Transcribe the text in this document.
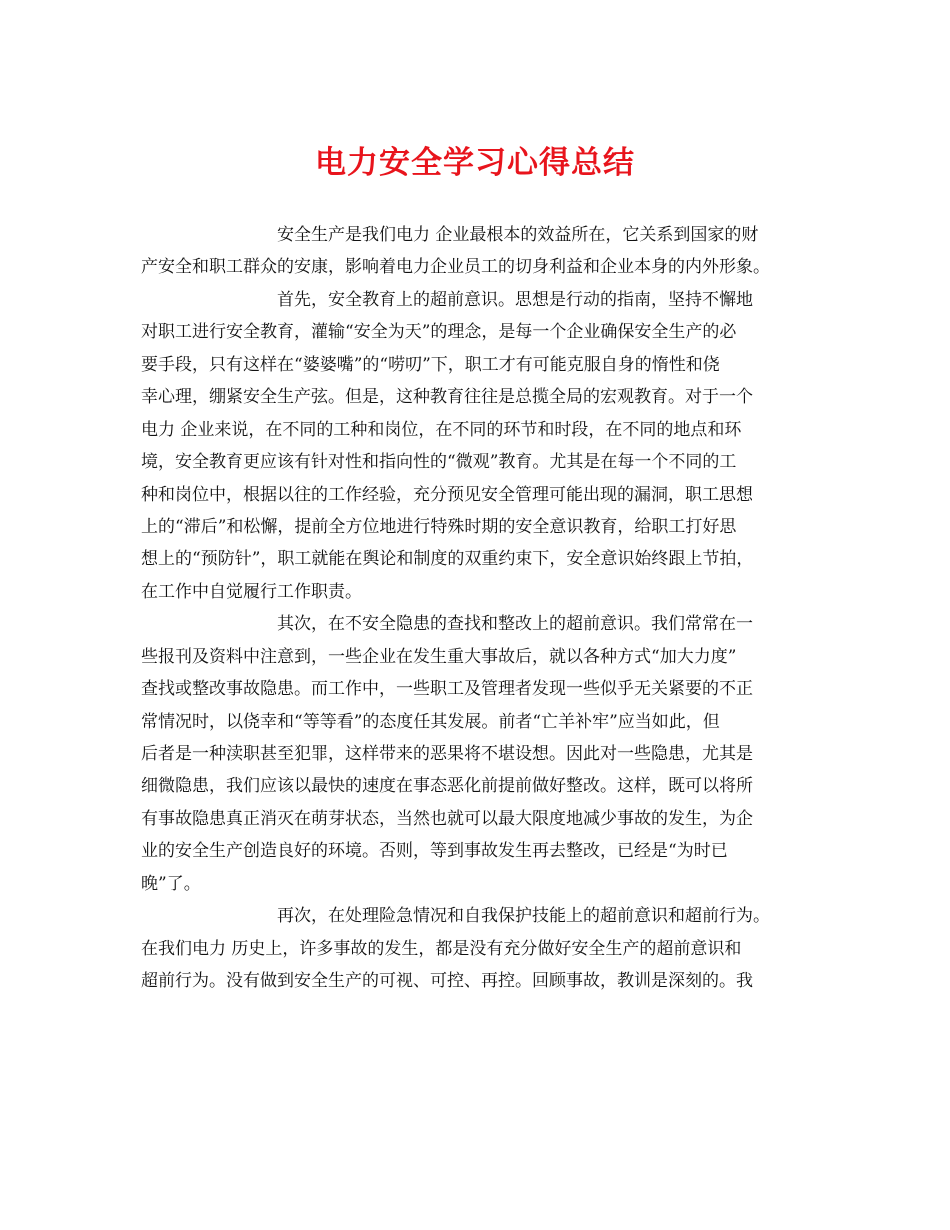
电力安全学习心得总结
安全生产是我们电力 企业最根本的效益所在，它关系到国家的财
产安全和职工群众的安康，影响着电力企业员工的切身利益和企业本身的内外形象。
首先，安全教育上的超前意识。思想是行动的指南，坚持不懈地
对职工进行安全教育，灌输“安全为天”的理念，是每一个企业确保安全生产的必
要手段，只有这样在“婆婆嘴”的“唠叨”下，职工才有可能克服自身的惰性和侥
幸心理，绷紧安全生产弦。但是，这种教育往往是总揽全局的宏观教育。对于一个
电力 企业来说，在不同的工种和岗位，在不同的环节和时段，在不同的地点和环
境，安全教育更应该有针对性和指向性的“微观”教育。尤其是在每一个不同的工
种和岗位中，根据以往的工作经验，充分预见安全管理可能出现的漏洞，职工思想
上的“滞后”和松懈，提前全方位地进行特殊时期的安全意识教育，给职工打好思
想上的“预防针”，职工就能在舆论和制度的双重约束下，安全意识始终跟上节拍，
在工作中自觉履行工作职责。
其次，在不安全隐患的查找和整改上的超前意识。我们常常在一
些报刊及资料中注意到，一些企业在发生重大事故后，就以各种方式“加大力度”
查找或整改事故隐患。而工作中，一些职工及管理者发现一些似乎无关紧要的不正
常情况时，以侥幸和“等等看”的态度任其发展。前者“亡羊补牢”应当如此，但
后者是一种渎职甚至犯罪，这样带来的恶果将不堪设想。因此对一些隐患，尤其是
细微隐患，我们应该以最快的速度在事态恶化前提前做好整改。这样，既可以将所
有事故隐患真正消灭在萌芽状态，当然也就可以最大限度地减少事故的发生，为企
业的安全生产创造良好的环境。否则，等到事故发生再去整改，已经是“为时已
晚”了。
再次，在处理险急情况和自我保护技能上的超前意识和超前行为。
在我们电力 历史上，许多事故的发生，都是没有充分做好安全生产的超前意识和
超前行为。没有做到安全生产的可视、可控、再控。回顾事故，教训是深刻的。我
